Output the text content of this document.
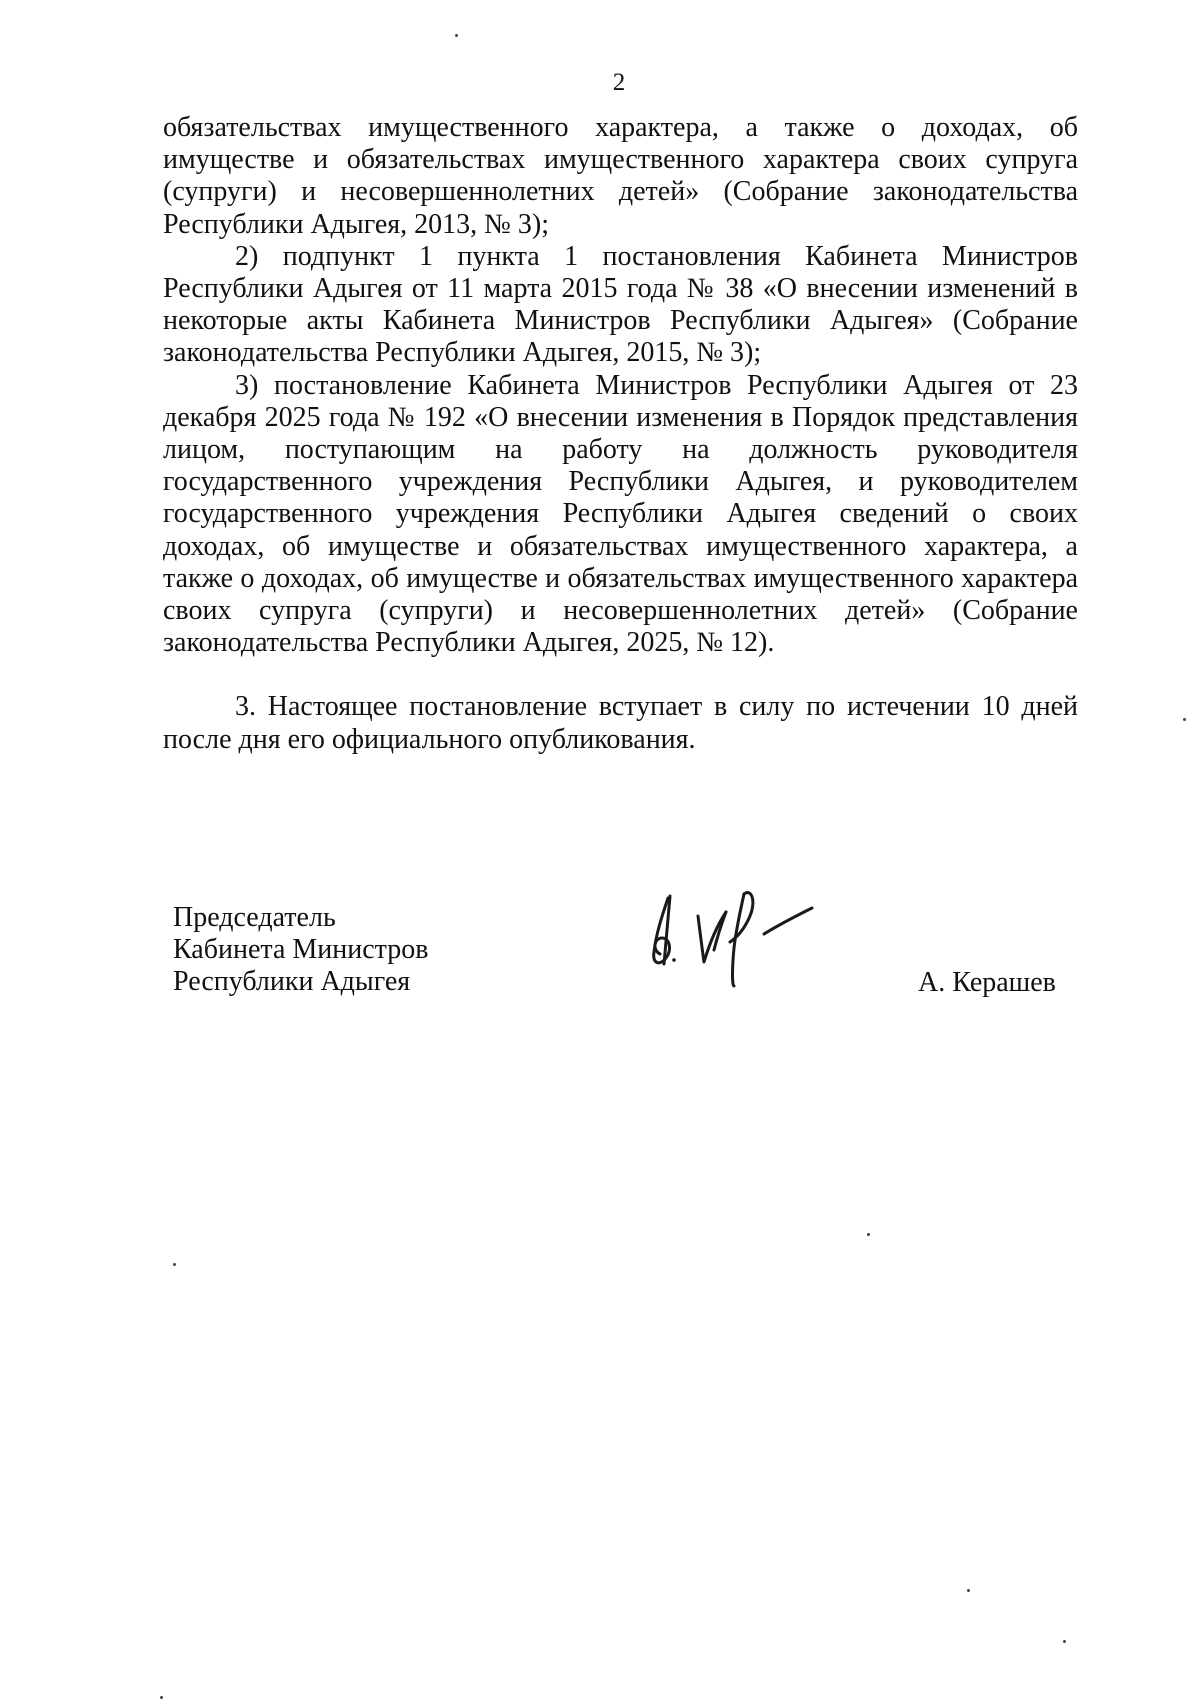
2

обязательствах имущественного характера, а также о доходах, об имуществе и обязательствах имущественного характера своих супруга (супруги) и несовершеннолетних детей» (Собрание законодательства Республики Адыгея, 2013, № 3);

2) подпункт 1 пункта 1 постановления Кабинета Министров Республики Адыгея от 11 марта 2015 года № 38 «О внесении изменений в некоторые акты Кабинета Министров Республики Адыгея» (Собрание законодательства Республики Адыгея, 2015, № 3);

3) постановление Кабинета Министров Республики Адыгея от 23 декабря 2025 года № 192 «О внесении изменения в Порядок представления лицом, поступающим на работу на должность руководителя государственного учреждения Республики Адыгея, и руководителем государственного учреждения Республики Адыгея сведений о своих доходах, об имуществе и обязательствах имущественного характера, а также о доходах, об имуществе и обязательствах имущественного характера своих супруга (супруги) и несовершеннолетних детей» (Собрание законодательства Республики Адыгея, 2025, № 12).

3. Настоящее постановление вступает в силу по истечении 10 дней после дня его официального опубликования.

Председатель
Кабинета Министров
Республики Адыгея	А. Керашев
